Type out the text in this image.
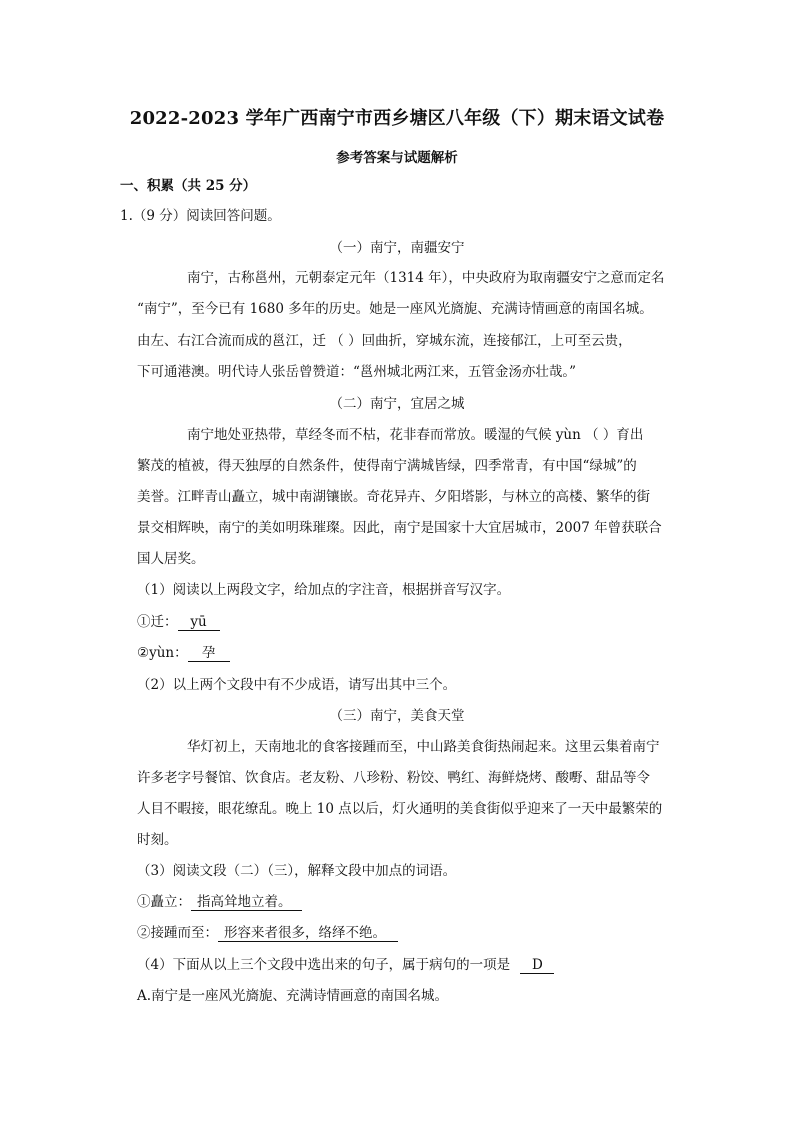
2022-2023 学年广西南宁市西乡塘区八年级（下）期末语文试卷
参考答案与试题解析
一、积累（共 25 分）
1.（9 分）阅读回答问题。
（一）南宁，南疆安宁
南宁，古称邕州，元朝泰定元年（1314 年），中央政府为取南疆安宁之意而定名
“南宁”，至今已有 1680 多年的历史。她是一座风光旖旎、充满诗情画意的南国名城。
由左、右江合流而成的邕江，迁 （ ）回曲折，穿城东流，连接郁江，上可至云贵，
下可通港澳。明代诗人张岳曾赞道：“邕州城北两江来，五管金汤亦壮哉。”
（二）南宁，宜居之城
南宁地处亚热带，草经冬而不枯，花非春而常放。暖湿的气候 yùn （ ）育出
繁茂的植被，得天独厚的自然条件，使得南宁满城皆绿，四季常青，有中国“绿城”的
美誉。江畔青山矗立，城中南湖镶嵌。奇花异卉、夕阳塔影，与林立的高楼、繁华的街
景交相辉映，南宁的美如明珠璀璨。因此，南宁是国家十大宜居城市，2007 年曾获联合
国人居奖。
（1）阅读以上两段文字，给加点的字注音，根据拼音写汉字。
①迁： yū
②yùn： 孕
（2）以上两个文段中有不少成语，请写出其中三个。
（三）南宁，美食天堂
华灯初上，天南地北的食客接踵而至，中山路美食街热闹起来。这里云集着南宁
许多老字号餐馆、饮食店。老友粉、八珍粉、粉饺、鸭红、海鲜烧烤、酸嘢、甜品等令
人目不暇接，眼花缭乱。晚上 10 点以后，灯火通明的美食街似乎迎来了一天中最繁荣的
时刻。
（3）阅读文段（二）（三），解释文段中加点的词语。
①矗立： 指高耸地立着。
②接踵而至： 形容来者很多，络绎不绝。
（4）下面从以上三个文段中选出来的句子，属于病句的一项是 D
A.南宁是一座风光旖旎、充满诗情画意的南国名城。
